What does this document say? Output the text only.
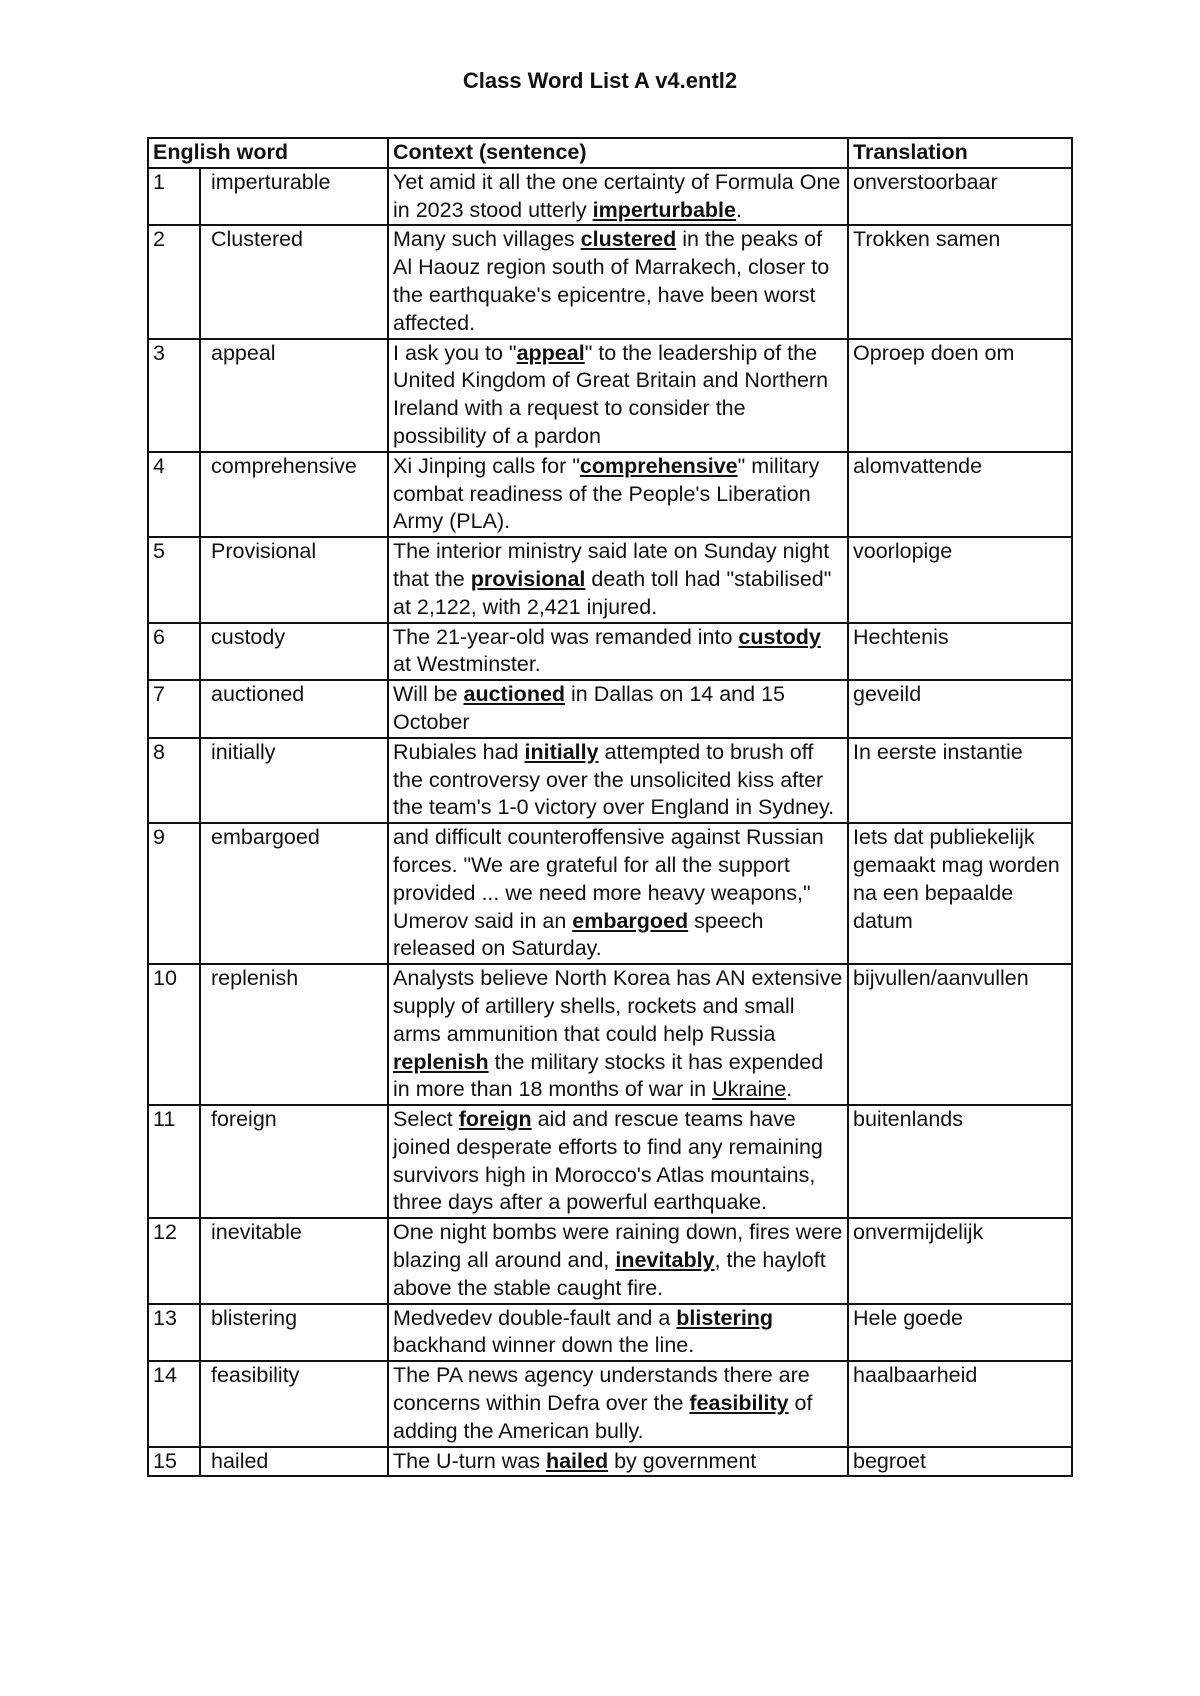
Class Word List A v4.entl2
English word		Context (sentence)	Translation
1	imperturable	Yet amid it all the one certainty of Formula One in 2023 stood utterly imperturbable.	onverstoorbaar
2	Clustered	Many such villages clustered in the peaks of Al Haouz region south of Marrakech, closer to the earthquake's epicentre, have been worst affected.	Trokken samen
3	appeal	I ask you to "appeal" to the leadership of the United Kingdom of Great Britain and Northern Ireland with a request to consider the possibility of a pardon	Oproep doen om
4	comprehensive	Xi Jinping calls for "comprehensive" military combat readiness of the People's Liberation Army (PLA).	alomvattende
5	Provisional	The interior ministry said late on Sunday night that the provisional death toll had "stabilised" at 2,122, with 2,421 injured.	voorlopige
6	custody	The 21-year-old was remanded into custody at Westminster.	Hechtenis
7	auctioned	Will be auctioned in Dallas on 14 and 15 October	geveild
8	initially	Rubiales had initially attempted to brush off the controversy over the unsolicited kiss after the team's 1-0 victory over England in Sydney.	In eerste instantie
9	embargoed	and difficult counteroffensive against Russian forces. "We are grateful for all the support provided ... we need more heavy weapons," Umerov said in an embargoed speech released on Saturday.	Iets dat publiekelijk gemaakt mag worden na een bepaalde datum
10	replenish	Analysts believe North Korea has AN extensive supply of artillery shells, rockets and small arms ammunition that could help Russia replenish the military stocks it has expended in more than 18 months of war in Ukraine.	bijvullen/aanvullen
11	foreign	Select foreign aid and rescue teams have joined desperate efforts to find any remaining survivors high in Morocco's Atlas mountains, three days after a powerful earthquake.	buitenlands
12	inevitable	One night bombs were raining down, fires were blazing all around and, inevitably, the hayloft above the stable caught fire.	onvermijdelijk
13	blistering	Medvedev double-fault and a blistering backhand winner down the line.	Hele goede
14	feasibility	The PA news agency understands there are concerns within Defra over the feasibility of adding the American bully.	haalbaarheid
15	hailed	The U-turn was hailed by government	begroet
